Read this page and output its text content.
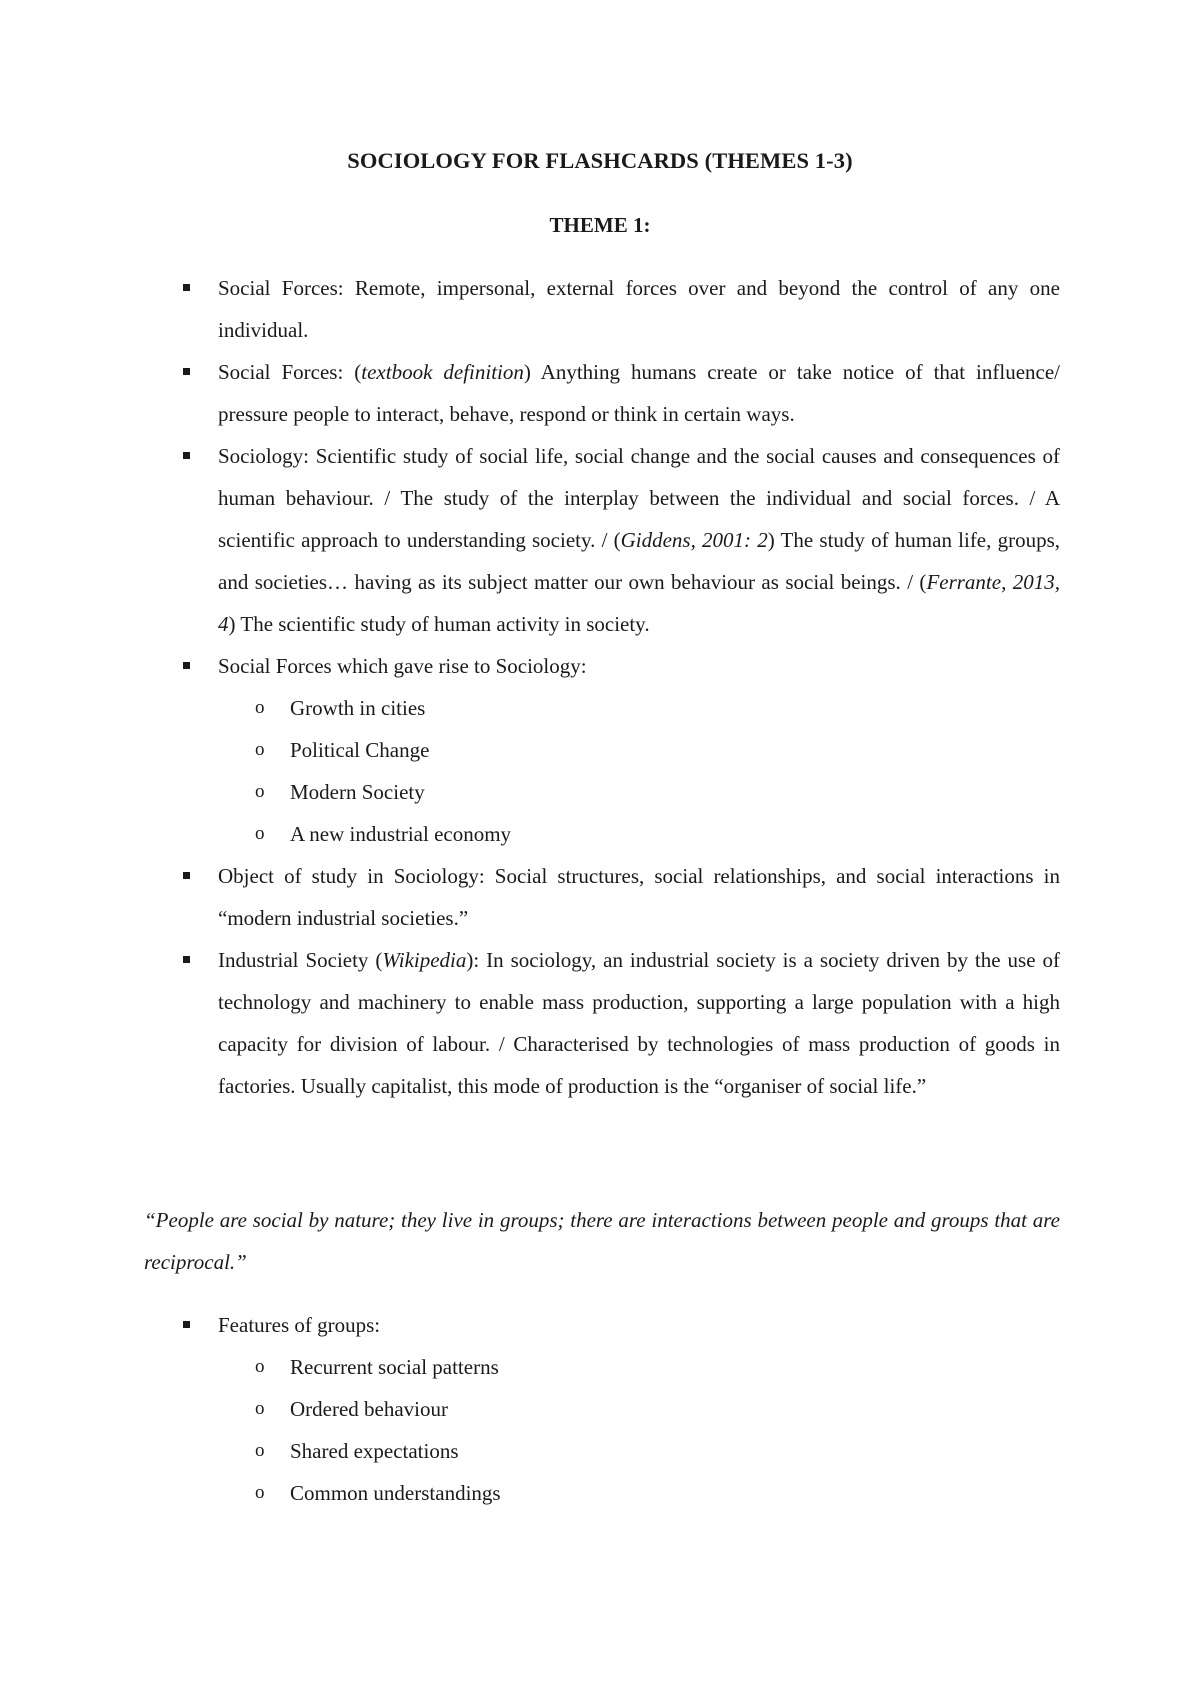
SOCIOLOGY FOR FLASHCARDS (THEMES 1-3)
THEME 1:
Social Forces: Remote, impersonal, external forces over and beyond the control of any one individual.
Social Forces: (textbook definition) Anything humans create or take notice of that influence/ pressure people to interact, behave, respond or think in certain ways.
Sociology: Scientific study of social life, social change and the social causes and consequences of human behaviour. / The study of the interplay between the individual and social forces. / A scientific approach to understanding society. / (Giddens, 2001: 2) The study of human life, groups, and societies… having as its subject matter our own behaviour as social beings. / (Ferrante, 2013, 4) The scientific study of human activity in society.
Social Forces which gave rise to Sociology:
o Growth in cities
o Political Change
o Modern Society
o A new industrial economy
Object of study in Sociology: Social structures, social relationships, and social interactions in “modern industrial societies.”
Industrial Society (Wikipedia): In sociology, an industrial society is a society driven by the use of technology and machinery to enable mass production, supporting a large population with a high capacity for division of labour. / Characterised by technologies of mass production of goods in factories. Usually capitalist, this mode of production is the “organiser of social life.”

“People are social by nature; they live in groups; there are interactions between people and groups that are reciprocal.”

Features of groups:
o Recurrent social patterns
o Ordered behaviour
o Shared expectations
o Common understandings
